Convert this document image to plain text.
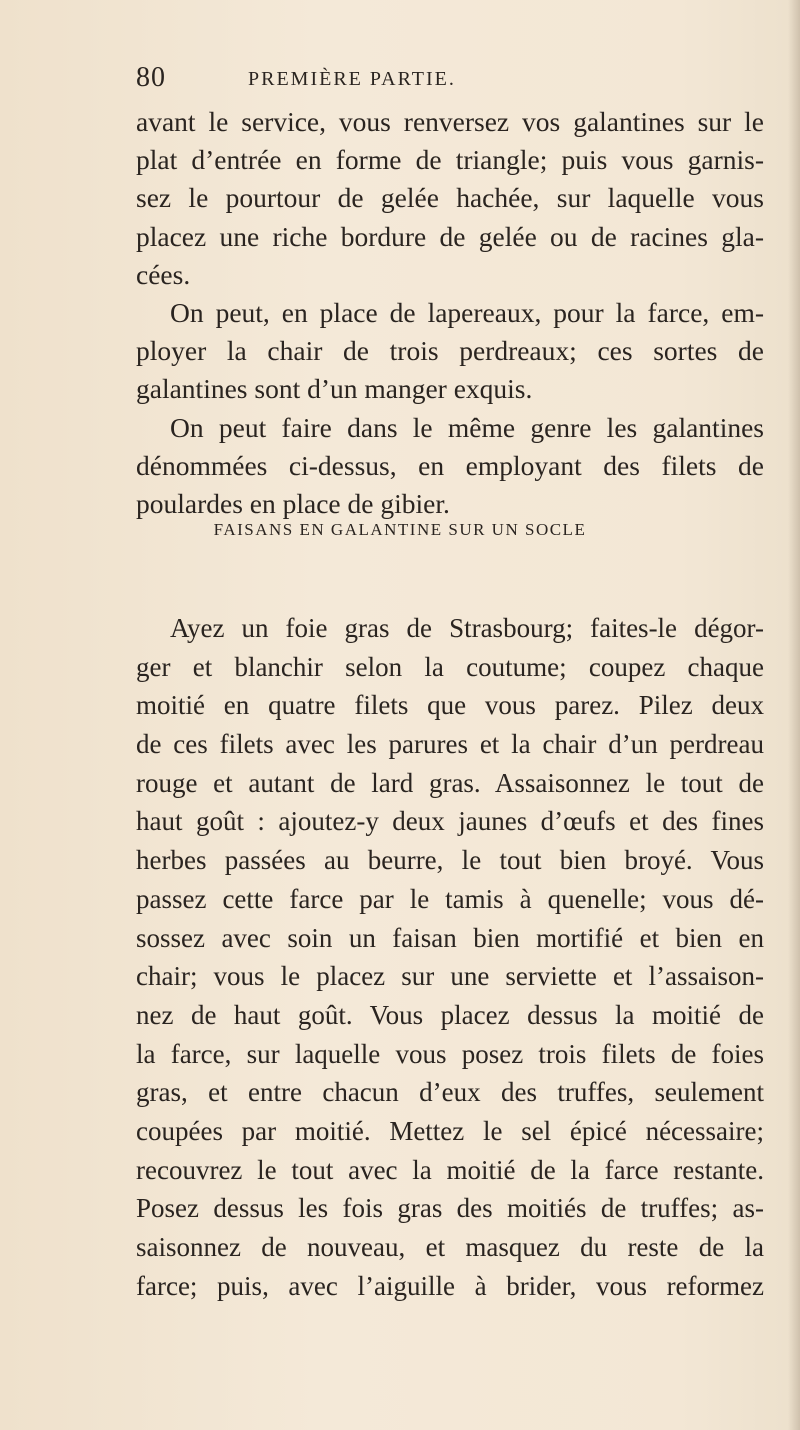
80	PREMIÈRE PARTIE.
avant le service, vous renversez vos galantines sur le
plat d’entrée en forme de triangle; puis vous garnis-
sez le pourtour de gelée hachée, sur laquelle vous
placez une riche bordure de gelée ou de racines gla-
cées.
On peut, en place de lapereaux, pour la farce, em-
ployer la chair de trois perdreaux; ces sortes de
galantines sont d’un manger exquis.
On peut faire dans le même genre les galantines
dénommées ci-dessus, en employant des filets de
poulardes en place de gibier.
FAISANS EN GALANTINE SUR UN SOCLE
Ayez un foie gras de Strasbourg; faites-le dégor-
ger et blanchir selon la coutume; coupez chaque
moitié en quatre filets que vous parez. Pilez deux
de ces filets avec les parures et la chair d’un perdreau
rouge et autant de lard gras. Assaisonnez le tout de
haut goût : ajoutez-y deux jaunes d’œufs et des fines
herbes passées au beurre, le tout bien broyé. Vous
passez cette farce par le tamis à quenelle; vous dé-
sossez avec soin un faisan bien mortifié et bien en
chair; vous le placez sur une serviette et l’assaison-
nez de haut goût. Vous placez dessus la moitié de
la farce, sur laquelle vous posez trois filets de foies
gras, et entre chacun d’eux des truffes, seulement
coupées par moitié. Mettez le sel épicé nécessaire;
recouvrez le tout avec la moitié de la farce restante.
Posez dessus les fois gras des moitiés de truffes; as-
saisonnez de nouveau, et masquez du reste de la
farce; puis, avec l’aiguille à brider, vous reformez
